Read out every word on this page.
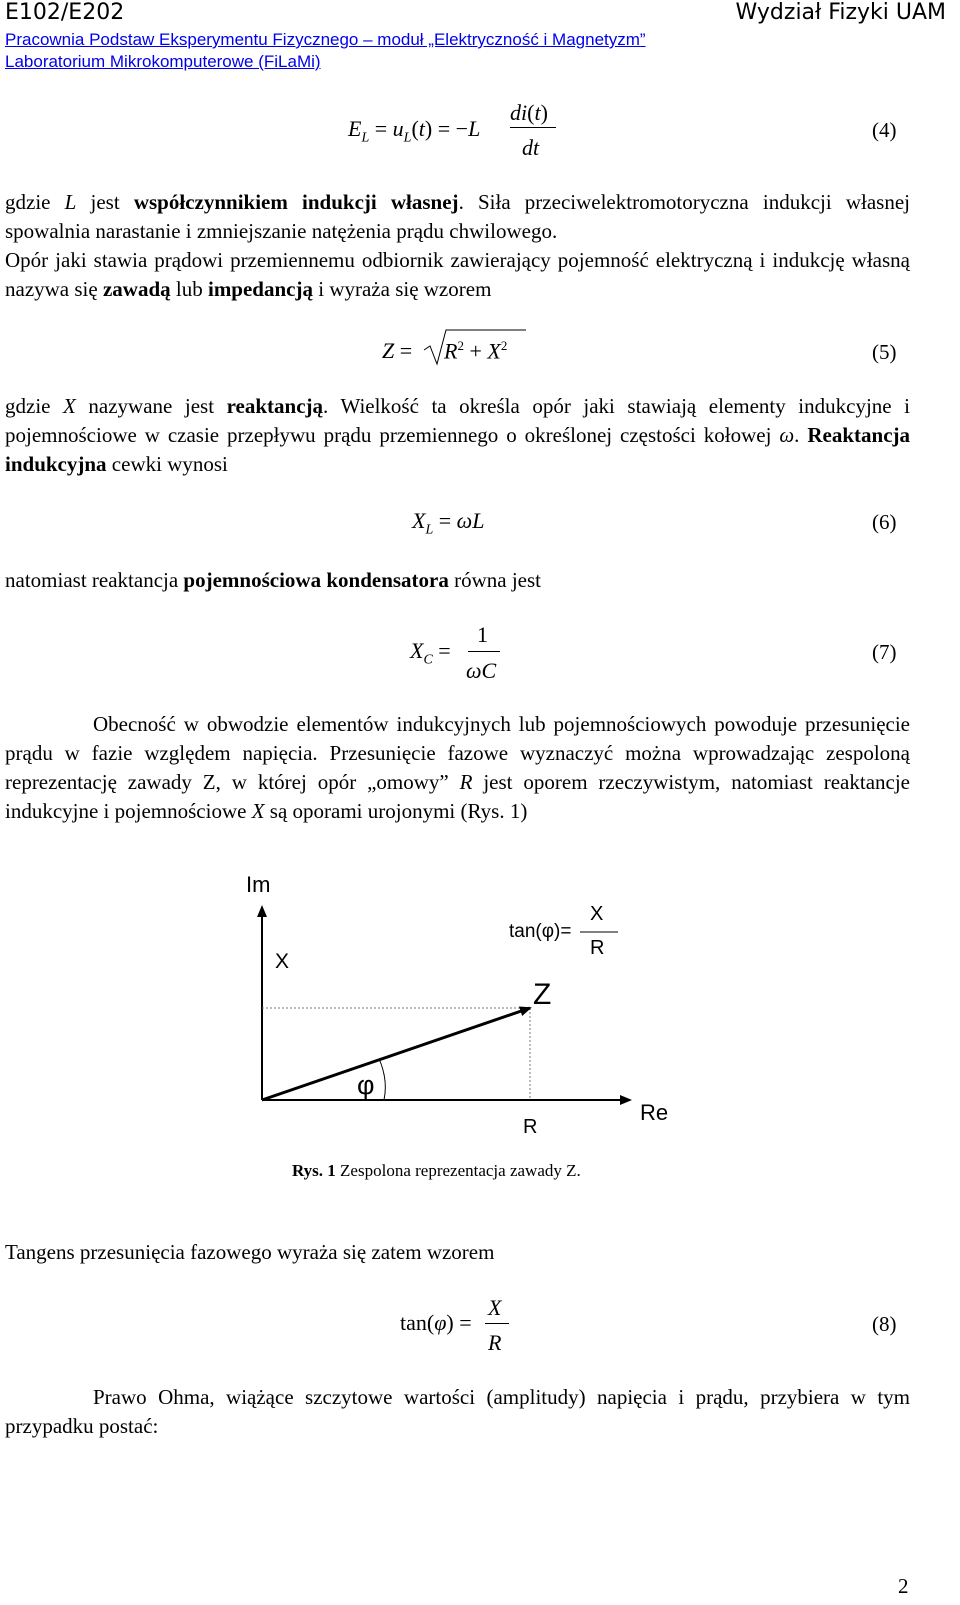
E102/E202	Wydział Fizyki UAM
Pracownia Podstaw Eksperymentu Fizycznego – moduł „Elektryczność i Magnetyzm”
Laboratorium Mikrokomputerowe (FiLaMi)
$E_L = u_L(t) = -L$
di(t)
dt
(4)
gdzie L jest współczynnikiem indukcji własnej. Siła przeciwelektromotoryczna indukcji własnej spowalnia narastanie i zmniejszanie natężenia prądu chwilowego.
Opór jaki stawia prądowi przemiennemu odbiornik zawierający pojemność elektryczną i indukcję własną nazywa się zawadą lub impedancją i wyraża się wzorem
$Z = R^2 + X^2$	(5)
gdzie X nazywane jest reaktancją. Wielkość ta określa opór jaki stawiają elementy indukcyjne i pojemnościowe w czasie przepływu prądu przemiennego o określonej częstości kołowej ω. Reaktancja indukcyjna cewki wynosi
$X_L = \omega L$	(6)
natomiast reaktancja pojemnościowa kondensatora równa jest
$X_C$ =
1
ωC
(7)
Obecność w obwodzie elementów indukcyjnych lub pojemnościowych powoduje przesunięcie prądu w fazie względem napięcia. Przesunięcie fazowe wyznaczyć można wprowadzając zespoloną reprezentację zawady Z, w której opór „omowy” R jest oporem rzeczywistym, natomiast reaktancje indukcyjne i pojemnościowe X są oporami urojonymi (Rys. 1)
Im
X
tan(φ)=
X
R
Z
φ
R
Re
Rys. 1 Zespolona reprezentacja zawady Z.
Tangens przesunięcia fazowego wyraża się zatem wzorem
tan(φ) =
X
R
(8)
Prawo Ohma, wiążące szczytowe wartości (amplitudy) napięcia i prądu, przybiera w tym przypadku postać:
2
